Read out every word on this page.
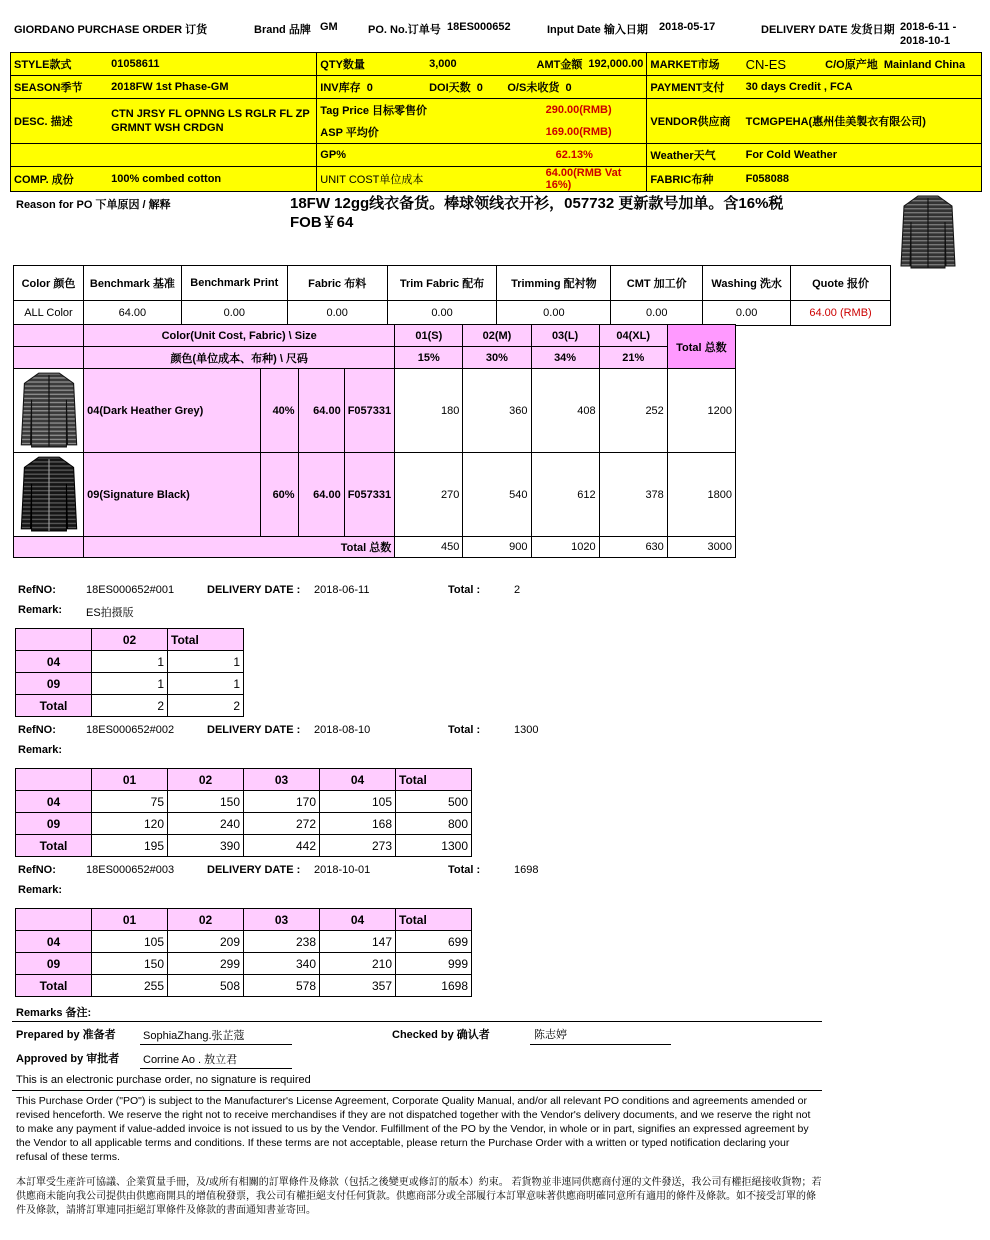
GIORDANO PURCHASE ORDER 订货	Brand 品牌 GM	PO. No.订单号 18ES000652	Input Date 输入日期 2018-05-17	DELIVERY DATE 发货日期 2018-6-11 -
2018-10-1
STYLE款式	01058611	QTY数量	3,000	AMT金额	192,000.00	MARKET市场	CN-ES	C/O原产地 Mainland China
SEASON季节	2018FW 1st Phase-GM	INV库存 0	DOI天数 0 O/S未收货 0			PAYMENT支付	30 days Credit , FCA	
DESC. 描述	CTN JRSY FL OPNNG LS RGLR FL ZP GRMNT WSH CRDGN	Tag Price 目标零售价		290.00(RMB)		VENDOR供应商	TCMGPEHA(惠州佳美製衣有限公司)	
		ASP 平均价		169.00(RMB)				
		GP%		62.13%		Weather天气	For Cold Weather	
COMP. 成份	100% combed cotton	UNIT COST单位成本		64.00(RMB Vat 16%)		FABRIC布种	F058088	
Reason for PO 下单原因 / 解释	18FW 12gg线衣备货。棒球领线衣开衫，057732 更新款号加单。含16%税
FOB￥64
Color 颜色	Benchmark 基准	Benchmark Print	Fabric 布料	Trim Fabric 配布	Trimming 配衬物	CMT 加工价	Washing 洗水	Quote 报价
ALL Color	64.00	0.00	0.00	0.00	0.00	0.00	0.00	64.00 (RMB)
	Color(Unit Cost, Fabric) \ Size				01(S)	02(M)	03(L)	04(XL)	Total 总数
	颜色(单位成本、布种) \ 尺码				15%	30%	34%	21%	
	04(Dark Heather Grey)	40%	64.00	F057331	180	360	408	252	1200
	09(Signature Black)	60%	64.00	F057331	270	540	612	378	1800
	Total 总数				450	900	1020	630	3000
RefNO:	18ES000652#001	DELIVERY DATE : 2018-06-11	Total :	2
Remark: ES拍摄版
	02	Total
04	1	1
09	1	1
Total	2	2
RefNO:	18ES000652#002	DELIVERY DATE : 2018-08-10	Total :	1300
Remark:
	01	02	03	04	Total
04	75	150	170	105	500
09	120	240	272	168	800
Total	195	390	442	273	1300
RefNO:	18ES000652#003	DELIVERY DATE : 2018-10-01	Total :	1698
Remark:
	01	02	03	04	Total
04	105	209	238	147	699
09	150	299	340	210	999
Total	255	508	578	357	1698
Remarks 备注:
Prepared by 准备者 SophiaZhang.张芷蔻	Checked by 确认者	陈志婷
Approved by 审批者 Corrine Ao . 敖立君
This is an electronic purchase order, no signature is required
This Purchase Order ("PO") is subject to the Manufacturer's License Agreement, Corporate Quality Manual, and/or all relevant PO conditions and agreements amended or revised henceforth. We reserve the right not to receive merchandises if they are not dispatched together with the Vendor's delivery documents, and we reserve the right not to make any payment if value-added invoice is not issued to us by the Vendor. Fulfillment of the PO by the Vendor, in whole or in part, signifies an expressed agreement by the Vendor to all applicable terms and conditions. If these terms are not acceptable, please return the Purchase Order with a written or typed notification declaring your refusal of these terms.
本訂單受生產許可協議、企業質量手冊，及/或所有相關的訂單條件及條款（包括之後變更或修訂的版本）約束。 若貨物並非連同供應商付運的文件發送，我公司有權拒絕接收貨物；若供應商未能向我公司提供由供應商開具的增值稅發票，我公司有權拒絕支付任何貨款。供應商部分或全部履行本訂單意味著供應商明確同意所有適用的條件及條款。如不接受訂單的條件及條款，請將訂單連同拒絕訂單條件及條款的書面通知書並寄回。
